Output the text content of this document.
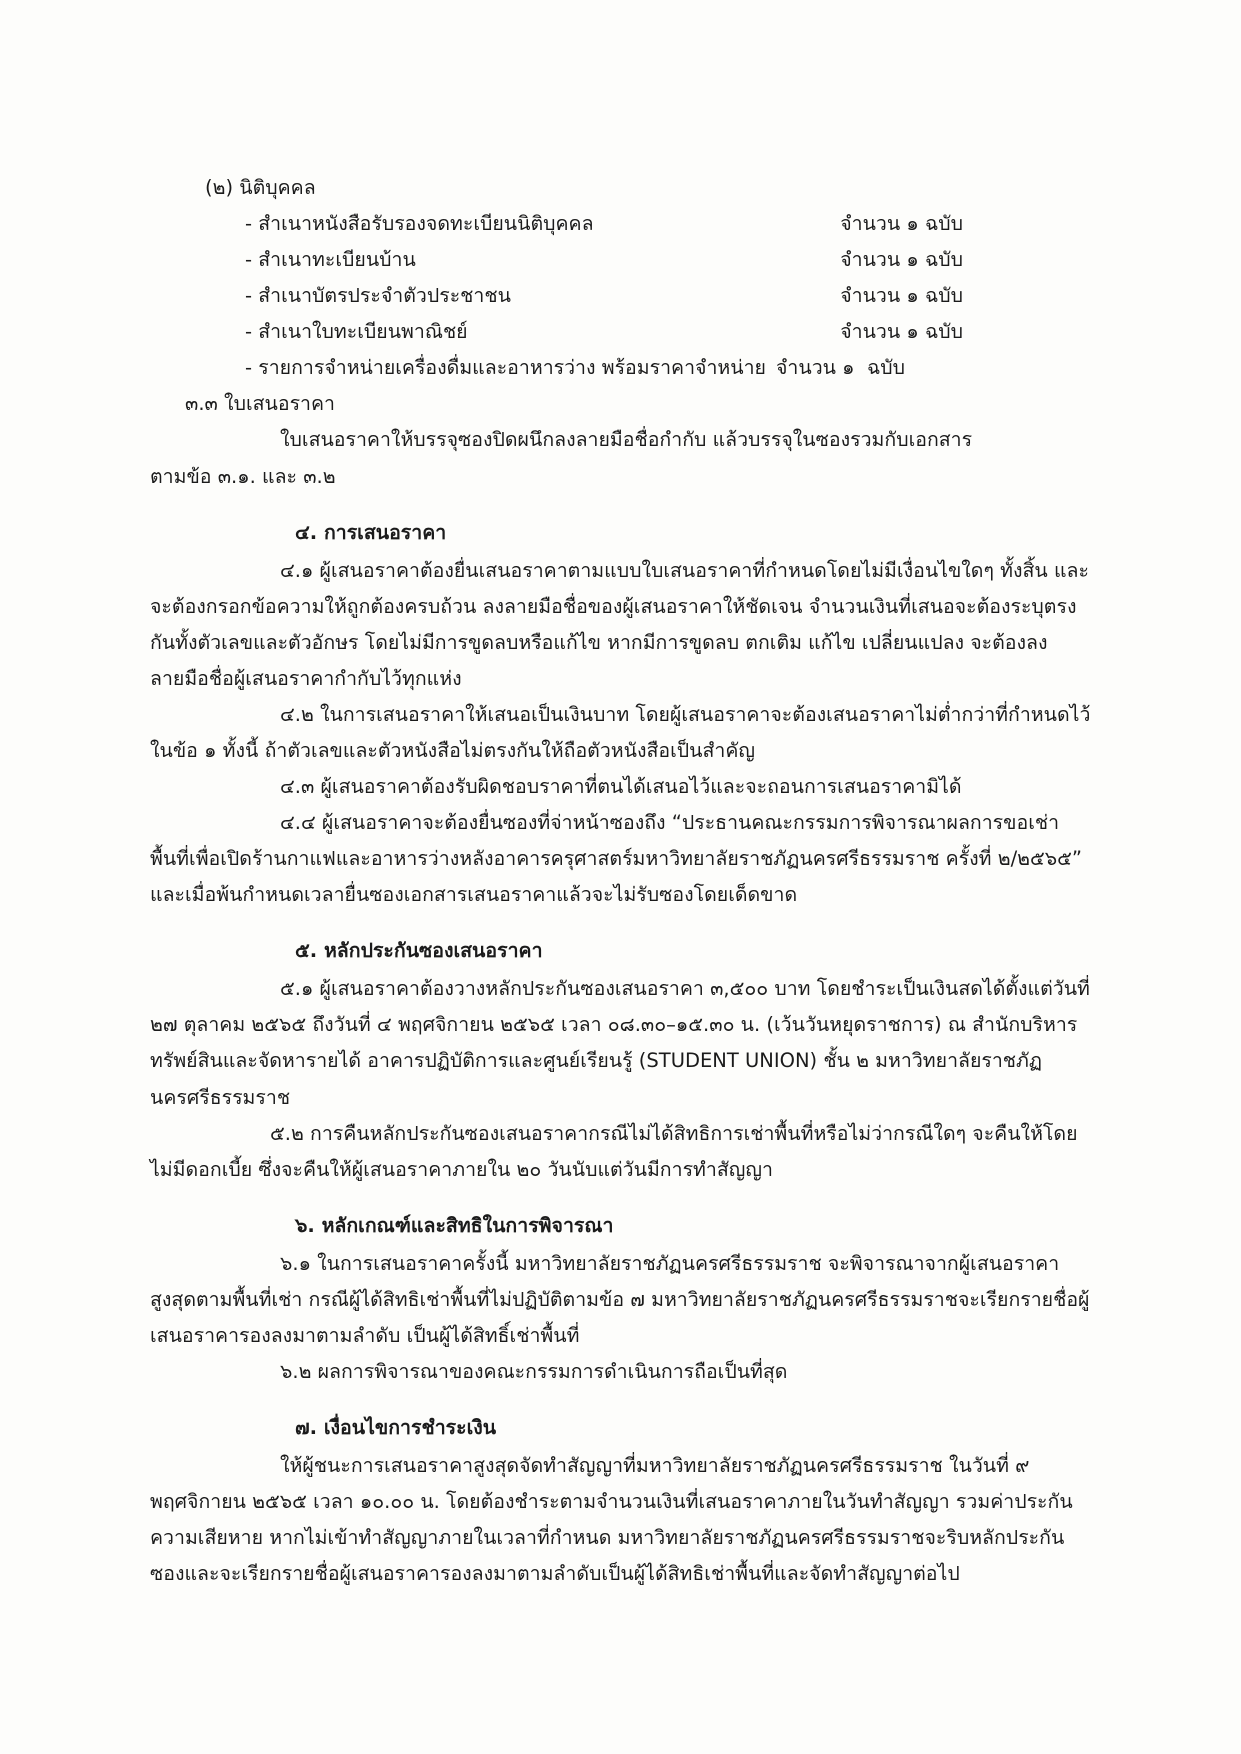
(๒) นิติบุคคล
- สำเนาหนังสือรับรองจดทะเบียนนิติบุคคล	จำนวน ๑ ฉบับ
- สำเนาทะเบียนบ้าน	จำนวน ๑ ฉบับ
- สำเนาบัตรประจำตัวประชาชน	จำนวน ๑ ฉบับ
- สำเนาใบทะเบียนพาณิชย์	จำนวน ๑ ฉบับ
- รายการจำหน่ายเครื่องดื่มและอาหารว่าง พร้อมราคาจำหน่าย จำนวน ๑  ฉบับ
๓.๓ ใบเสนอราคา
ใบเสนอราคาให้บรรจุซองปิดผนึกลงลายมือชื่อกำกับ แล้วบรรจุในซองรวมกับเอกสาร
ตามข้อ ๓.๑. และ ๓.๒
๔. การเสนอราคา
๔.๑ ผู้เสนอราคาต้องยื่นเสนอราคาตามแบบใบเสนอราคาที่กำหนดโดยไม่มีเงื่อนไขใดๆ ทั้งสิ้น และจะต้องกรอกข้อความให้ถูกต้องครบถ้วน ลงลายมือชื่อของผู้เสนอราคาให้ชัดเจน จำนวนเงินที่เสนอจะต้องระบุตรงกันทั้งตัวเลขและตัวอักษร โดยไม่มีการขูดลบหรือแก้ไข หากมีการขูดลบ ตกเติม แก้ไข เปลี่ยนแปลง จะต้องลงลายมือชื่อผู้เสนอราคากำกับไว้ทุกแห่ง
๔.๒ ในการเสนอราคาให้เสนอเป็นเงินบาท โดยผู้เสนอราคาจะต้องเสนอราคาไม่ต่ำกว่าที่กำหนดไว้ในข้อ ๑ ทั้งนี้ ถ้าตัวเลขและตัวหนังสือไม่ตรงกันให้ถือตัวหนังสือเป็นสำคัญ
๔.๓ ผู้เสนอราคาต้องรับผิดชอบราคาที่ตนได้เสนอไว้และจะถอนการเสนอราคามิได้
๔.๔ ผู้เสนอราคาจะต้องยื่นซองที่จ่าหน้าซองถึง “ประธานคณะกรรมการพิจารณาผลการขอเช่าพื้นที่เพื่อเปิดร้านกาแฟและอาหารว่างหลังอาคารครุศาสตร์มหาวิทยาลัยราชภัฏนครศรีธรรมราช ครั้งที่ ๒/๒๕๖๕” และเมื่อพ้นกำหนดเวลายื่นซองเอกสารเสนอราคาแล้วจะไม่รับซองโดยเด็ดขาด
๕. หลักประกันซองเสนอราคา
๕.๑ ผู้เสนอราคาต้องวางหลักประกันซองเสนอราคา ๓,๕๐๐ บาท โดยชำระเป็นเงินสดได้ตั้งแต่วันที่ ๒๗ ตุลาคม ๒๕๖๕ ถึงวันที่ ๔ พฤศจิกายน ๒๕๖๕ เวลา ๐๘.๓๐–๑๕.๓๐ น. (เว้นวันหยุดราชการ) ณ สำนักบริหารทรัพย์สินและจัดหารายได้ อาคารปฏิบัติการและศูนย์เรียนรู้ (STUDENT UNION) ชั้น ๒ มหาวิทยาลัยราชภัฏนครศรีธรรมราช
๕.๒ การคืนหลักประกันซองเสนอราคากรณีไม่ได้สิทธิการเช่าพื้นที่หรือไม่ว่ากรณีใดๆ จะคืนให้โดยไม่มีดอกเบี้ย ซึ่งจะคืนให้ผู้เสนอราคาภายใน ๒๐ วันนับแต่วันมีการทำสัญญา
๖. หลักเกณฑ์และสิทธิในการพิจารณา
๖.๑ ในการเสนอราคาครั้งนี้ มหาวิทยาลัยราชภัฏนครศรีธรรมราช จะพิจารณาจากผู้เสนอราคาสูงสุดตามพื้นที่เช่า กรณีผู้ได้สิทธิเช่าพื้นที่ไม่ปฏิบัติตามข้อ ๗ มหาวิทยาลัยราชภัฏนครศรีธรรมราชจะเรียกรายชื่อผู้เสนอราคารองลงมาตามลำดับ เป็นผู้ได้สิทธิ์เช่าพื้นที่
๖.๒ ผลการพิจารณาของคณะกรรมการดำเนินการถือเป็นที่สุด
๗. เงื่อนไขการชำระเงิน
ให้ผู้ชนะการเสนอราคาสูงสุดจัดทำสัญญาที่มหาวิทยาลัยราชภัฏนครศรีธรรมราช ในวันที่ ๙ พฤศจิกายน ๒๕๖๕ เวลา ๑๐.๐๐ น. โดยต้องชำระตามจำนวนเงินที่เสนอราคาภายในวันทำสัญญา รวมค่าประกันความเสียหาย หากไม่เข้าทำสัญญาภายในเวลาที่กำหนด มหาวิทยาลัยราชภัฏนครศรีธรรมราชจะริบหลักประกันซองและจะเรียกรายชื่อผู้เสนอราคารองลงมาตามลำดับเป็นผู้ได้สิทธิเช่าพื้นที่และจัดทำสัญญาต่อไป
